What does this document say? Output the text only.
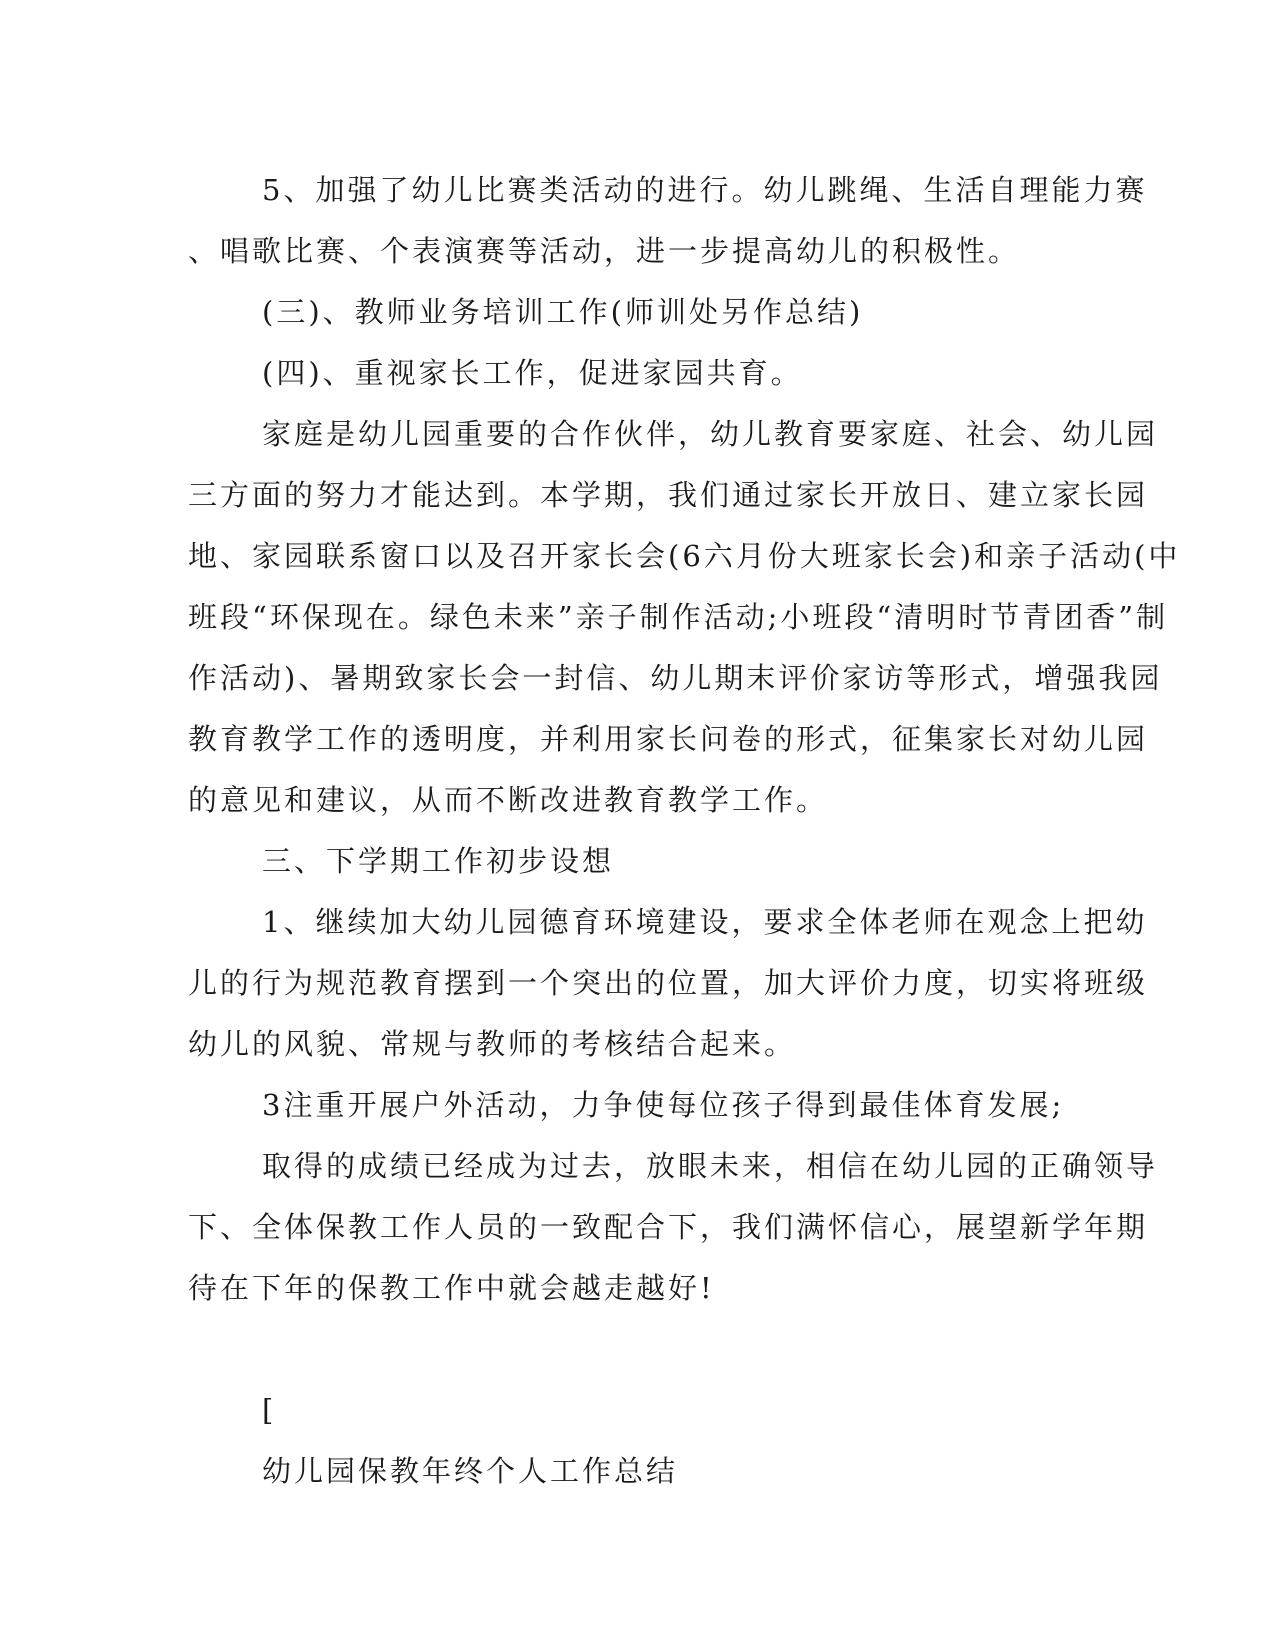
5、加强了幼儿比赛类活动的进行。幼儿跳绳、生活自理能力赛
、唱歌比赛、个表演赛等活动，进一步提高幼儿的积极性。
(三)、教师业务培训工作(师训处另作总结)
(四)、重视家长工作，促进家园共育。
家庭是幼儿园重要的合作伙伴，幼儿教育要家庭、社会、幼儿园
三方面的努力才能达到。本学期，我们通过家长开放日、建立家长园
地、家园联系窗口以及召开家长会(6六月份大班家长会)和亲子活动(中
班段“环保现在。绿色未来”亲子制作活动;小班段“清明时节青团香”制
作活动)、暑期致家长会一封信、幼儿期末评价家访等形式，增强我园
教育教学工作的透明度，并利用家长问卷的形式，征集家长对幼儿园
的意见和建议，从而不断改进教育教学工作。
三、下学期工作初步设想
1、继续加大幼儿园德育环境建设，要求全体老师在观念上把幼
儿的行为规范教育摆到一个突出的位置，加大评价力度，切实将班级
幼儿的风貌、常规与教师的考核结合起来。
3注重开展户外活动，力争使每位孩子得到最佳体育发展;
取得的成绩已经成为过去，放眼未来，相信在幼儿园的正确领导
下、全体保教工作人员的一致配合下，我们满怀信心，展望新学年期
待在下年的保教工作中就会越走越好!
[
幼儿园保教年终个人工作总结
